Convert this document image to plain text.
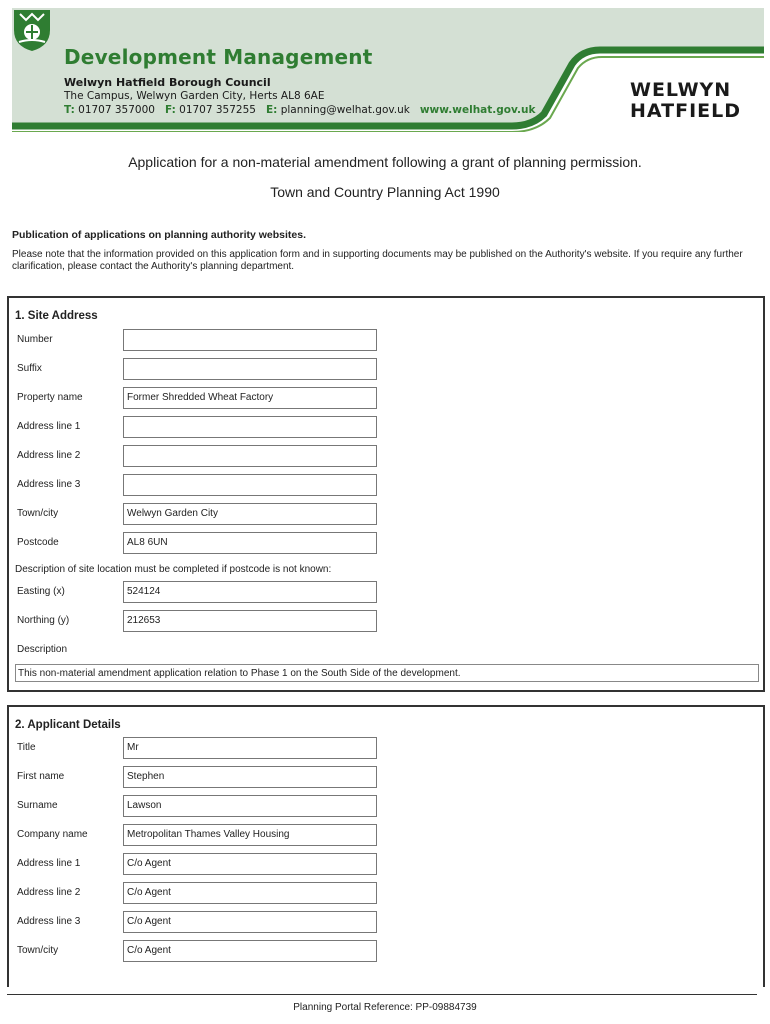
Development Management
Welwyn Hatfield Borough Council
The Campus, Welwyn Garden City, Herts AL8 6AE
T: 01707 357000 F: 01707 357255 E: planning@welhat.gov.uk www.welhat.gov.uk
WELWYN
HATFIELD
Application for a non-material amendment following a grant of planning permission.
Town and Country Planning Act 1990
Publication of applications on planning authority websites.
Please note that the information provided on this application form and in supporting documents may be published on the Authority's website. If you require any further clarification, please contact the Authority's planning department.
1. Site Address
Number
Suffix
Property name	Former Shredded Wheat Factory
Address line 1
Address line 2
Address line 3
Town/city	Welwyn Garden City
Postcode	AL8 6UN
Description of site location must be completed if postcode is not known:
Easting (x)	524124
Northing (y)	212653
Description
This non-material amendment application relation to Phase 1 on the South Side of the development.
2. Applicant Details
Title	Mr
First name	Stephen
Surname	Lawson
Company name	Metropolitan Thames Valley Housing
Address line 1	C/o Agent
Address line 2	C/o Agent
Address line 3	C/o Agent
Town/city	C/o Agent
Planning Portal Reference: PP-09884739
